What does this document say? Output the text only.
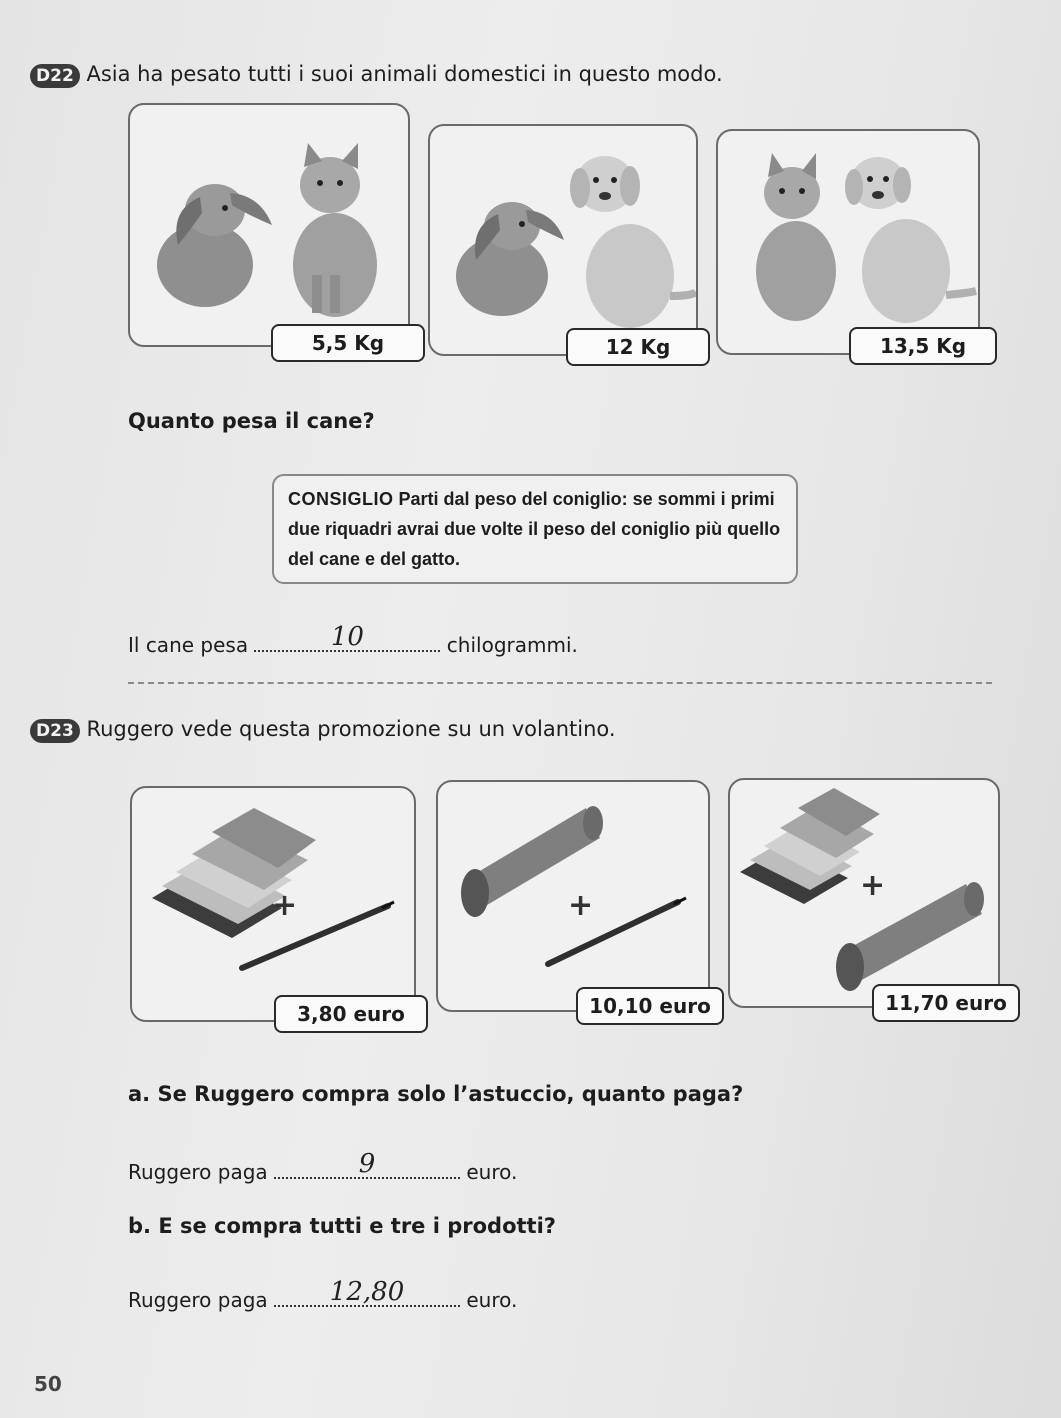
D22 Asia ha pesato tutti i suoi animali domestici in questo modo.
5,5 Kg	12 Kg	13,5 Kg
Quanto pesa il cane?
CONSIGLIO Parti dal peso del coniglio: se sommi i primi due riquadri avrai due volte il peso del coniglio più quello del cane e del gatto.
Il cane pesa	10	chilogrammi.
D23 Ruggero vede questa promozione su un volantino.
+
3,80 euro
+
10,10 euro
+
11,70 euro
a. Se Ruggero compra solo l’astuccio, quanto paga?
Ruggero paga	9	euro.
b. E se compra tutti e tre i prodotti?
Ruggero paga	12,80	euro.
50
